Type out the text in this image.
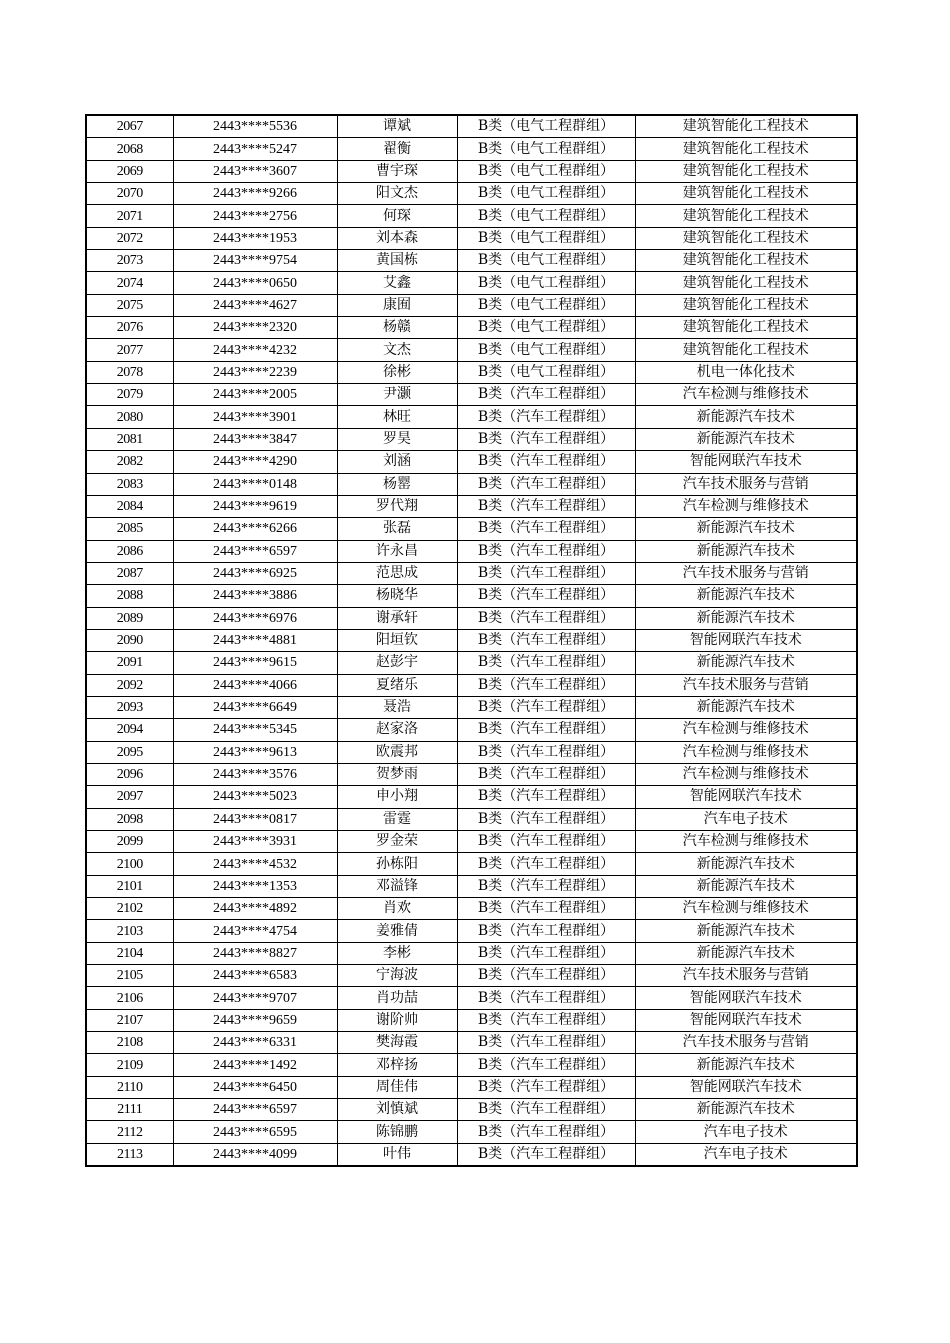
2067	2443****5536	谭斌	B类（电气工程群组）	建筑智能化工程技术
2068	2443****5247	翟衡	B类（电气工程群组）	建筑智能化工程技术
2069	2443****3607	曹宇琛	B类（电气工程群组）	建筑智能化工程技术
2070	2443****9266	阳文杰	B类（电气工程群组）	建筑智能化工程技术
2071	2443****2756	何琛	B类（电气工程群组）	建筑智能化工程技术
2072	2443****1953	刘本森	B类（电气工程群组）	建筑智能化工程技术
2073	2443****9754	黄国栋	B类（电气工程群组）	建筑智能化工程技术
2074	2443****0650	艾鑫	B类（电气工程群组）	建筑智能化工程技术
2075	2443****4627	康囿	B类（电气工程群组）	建筑智能化工程技术
2076	2443****2320	杨赣	B类（电气工程群组）	建筑智能化工程技术
2077	2443****4232	文杰	B类（电气工程群组）	建筑智能化工程技术
2078	2443****2239	徐彬	B类（电气工程群组）	机电一体化技术
2079	2443****2005	尹灏	B类（汽车工程群组）	汽车检测与维修技术
2080	2443****3901	林旺	B类（汽车工程群组）	新能源汽车技术
2081	2443****3847	罗昊	B类（汽车工程群组）	新能源汽车技术
2082	2443****4290	刘涵	B类（汽车工程群组）	智能网联汽车技术
2083	2443****0148	杨罂	B类（汽车工程群组）	汽车技术服务与营销
2084	2443****9619	罗代翔	B类（汽车工程群组）	汽车检测与维修技术
2085	2443****6266	张磊	B类（汽车工程群组）	新能源汽车技术
2086	2443****6597	许永昌	B类（汽车工程群组）	新能源汽车技术
2087	2443****6925	范思成	B类（汽车工程群组）	汽车技术服务与营销
2088	2443****3886	杨晓华	B类（汽车工程群组）	新能源汽车技术
2089	2443****6976	谢承轩	B类（汽车工程群组）	新能源汽车技术
2090	2443****4881	阳垣钦	B类（汽车工程群组）	智能网联汽车技术
2091	2443****9615	赵彭宇	B类（汽车工程群组）	新能源汽车技术
2092	2443****4066	夏绪乐	B类（汽车工程群组）	汽车技术服务与营销
2093	2443****6649	聂浩	B类（汽车工程群组）	新能源汽车技术
2094	2443****5345	赵家洛	B类（汽车工程群组）	汽车检测与维修技术
2095	2443****9613	欧震邦	B类（汽车工程群组）	汽车检测与维修技术
2096	2443****3576	贺梦雨	B类（汽车工程群组）	汽车检测与维修技术
2097	2443****5023	申小翔	B类（汽车工程群组）	智能网联汽车技术
2098	2443****0817	雷霆	B类（汽车工程群组）	汽车电子技术
2099	2443****3931	罗金荣	B类（汽车工程群组）	汽车检测与维修技术
2100	2443****4532	孙栋阳	B类（汽车工程群组）	新能源汽车技术
2101	2443****1353	邓溢锋	B类（汽车工程群组）	新能源汽车技术
2102	2443****4892	肖欢	B类（汽车工程群组）	汽车检测与维修技术
2103	2443****4754	姜雅倩	B类（汽车工程群组）	新能源汽车技术
2104	2443****8827	李彬	B类（汽车工程群组）	新能源汽车技术
2105	2443****6583	宁海波	B类（汽车工程群组）	汽车技术服务与营销
2106	2443****9707	肖功喆	B类（汽车工程群组）	智能网联汽车技术
2107	2443****9659	谢阶帅	B类（汽车工程群组）	智能网联汽车技术
2108	2443****6331	樊海霞	B类（汽车工程群组）	汽车技术服务与营销
2109	2443****1492	邓梓扬	B类（汽车工程群组）	新能源汽车技术
2110	2443****6450	周佳伟	B类（汽车工程群组）	智能网联汽车技术
2111	2443****6597	刘慎斌	B类（汽车工程群组）	新能源汽车技术
2112	2443****6595	陈锦鹏	B类（汽车工程群组）	汽车电子技术
2113	2443****4099	叶伟	B类（汽车工程群组）	汽车电子技术
